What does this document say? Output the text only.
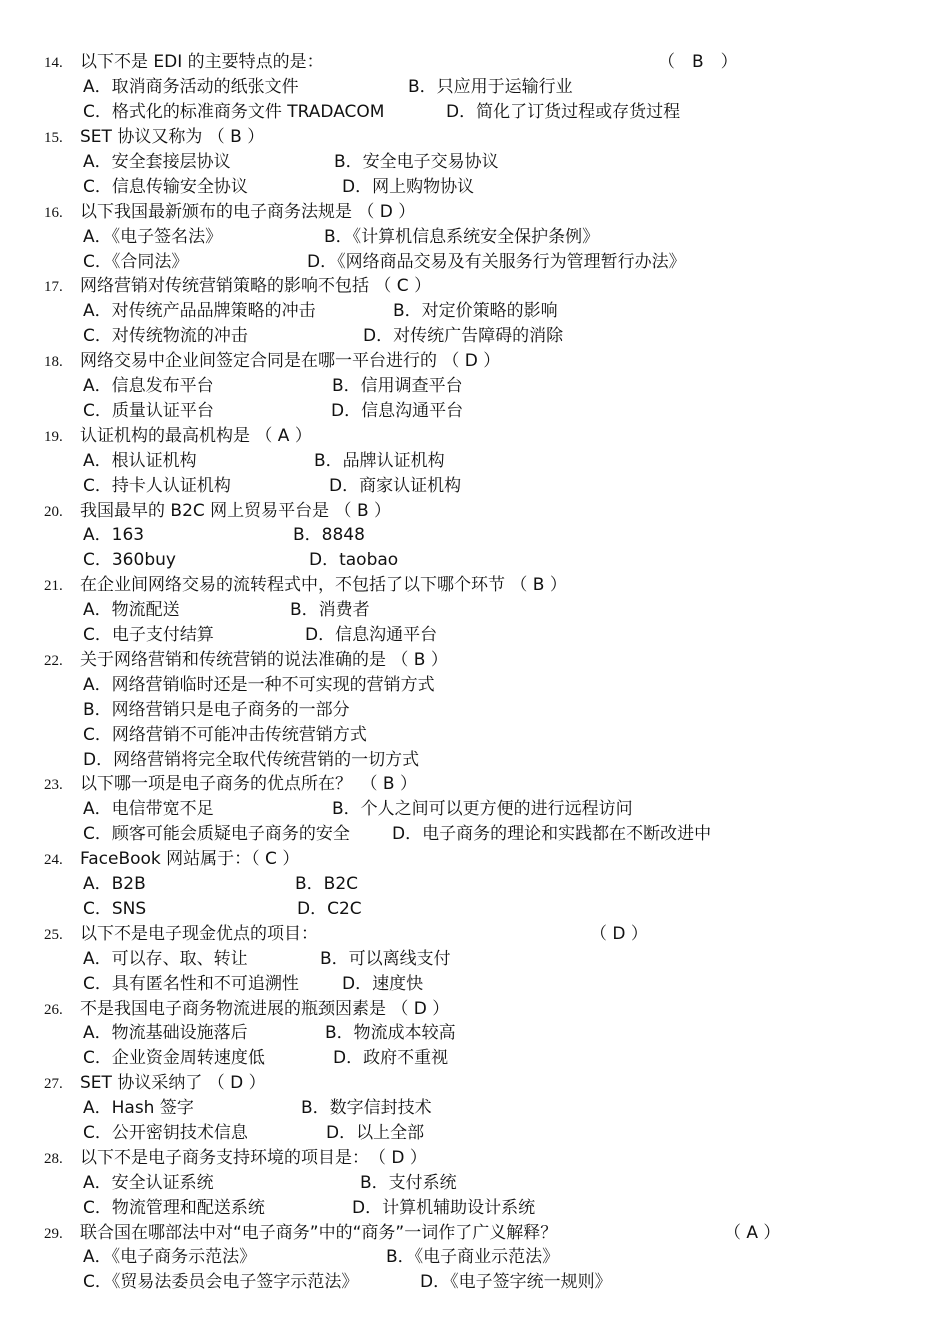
14. 以下不是 EDI 的主要特点的是：	（　B　）
A．取消商务活动的纸张文件	B．只应用于运输行业
C．格式化的标准商务文件 TRADACOM	D．简化了订货过程或存货过程
15. SET 协议又称为 （ B ）
A．安全套接层协议	B．安全电子交易协议
C．信息传输安全协议	D．网上购物协议
16. 以下我国最新颁布的电子商务法规是 （ D ）
A．《电子签名法》	B．《计算机信息系统安全保护条例》
C．《合同法》	D．《网络商品交易及有关服务行为管理暂行办法》
17. 网络营销对传统营销策略的影响不包括 （ C ）
A．对传统产品品牌策略的冲击	B．对定价策略的影响
C．对传统物流的冲击	D．对传统广告障碍的消除
18. 网络交易中企业间签定合同是在哪一平台进行的 （ D ）
A．信息发布平台	B．信用调查平台
C．质量认证平台	D．信息沟通平台
19. 认证机构的最高机构是 （ A ）
A．根认证机构	B．品牌认证机构
C．持卡人认证机构	D．商家认证机构
20. 我国最早的 B2C 网上贸易平台是 （ B ）
A．163	B．8848
C．360buy	D．taobao
21. 在企业间网络交易的流转程式中，不包括了以下哪个环节 （ B ）
A．物流配送	B．消费者
C．电子支付结算	D．信息沟通平台
22. 关于网络营销和传统营销的说法准确的是 （ B ）
A．网络营销临时还是一种不可实现的营销方式
B．网络营销只是电子商务的一部分
C．网络营销不可能冲击传统营销方式
D．网络营销将完全取代传统营销的一切方式
23. 以下哪一项是电子商务的优点所在？　（ B ）
A．电信带宽不足	B．个人之间可以更方便的进行远程访问
C．顾客可能会质疑电子商务的安全 D．电子商务的理论和实践都在不断改进中
24. FaceBook 网站属于：（ C ）
A．B2B	B．B2C
C．SNS	D．C2C
25. 以下不是电子现金优点的项目：	（ D ）
A．可以存、取、转让	B．可以离线支付
C．具有匿名性和不可追溯性	D．速度快
26. 不是我国电子商务物流进展的瓶颈因素是 （ D ）
A．物流基础设施落后	B．物流成本较高
C．企业资金周转速度低	D．政府不重视
27. SET 协议采纳了 （ D ）
A．Hash 签字	B．数字信封技术
C．公开密钥技术信息	D．以上全部
28. 以下不是电子商务支持环境的项目是：　（ D ）
A．安全认证系统	B．支付系统
C．物流管理和配送系统	D．计算机辅助设计系统
29. 联合国在哪部法中对“电子商务”中的“商务”一词作了广义解释？	（ A ）
A．《电子商务示范法》	B．《电子商业示范法》
C．《贸易法委员会电子签字示范法》	D．《电子签字统一规则》
